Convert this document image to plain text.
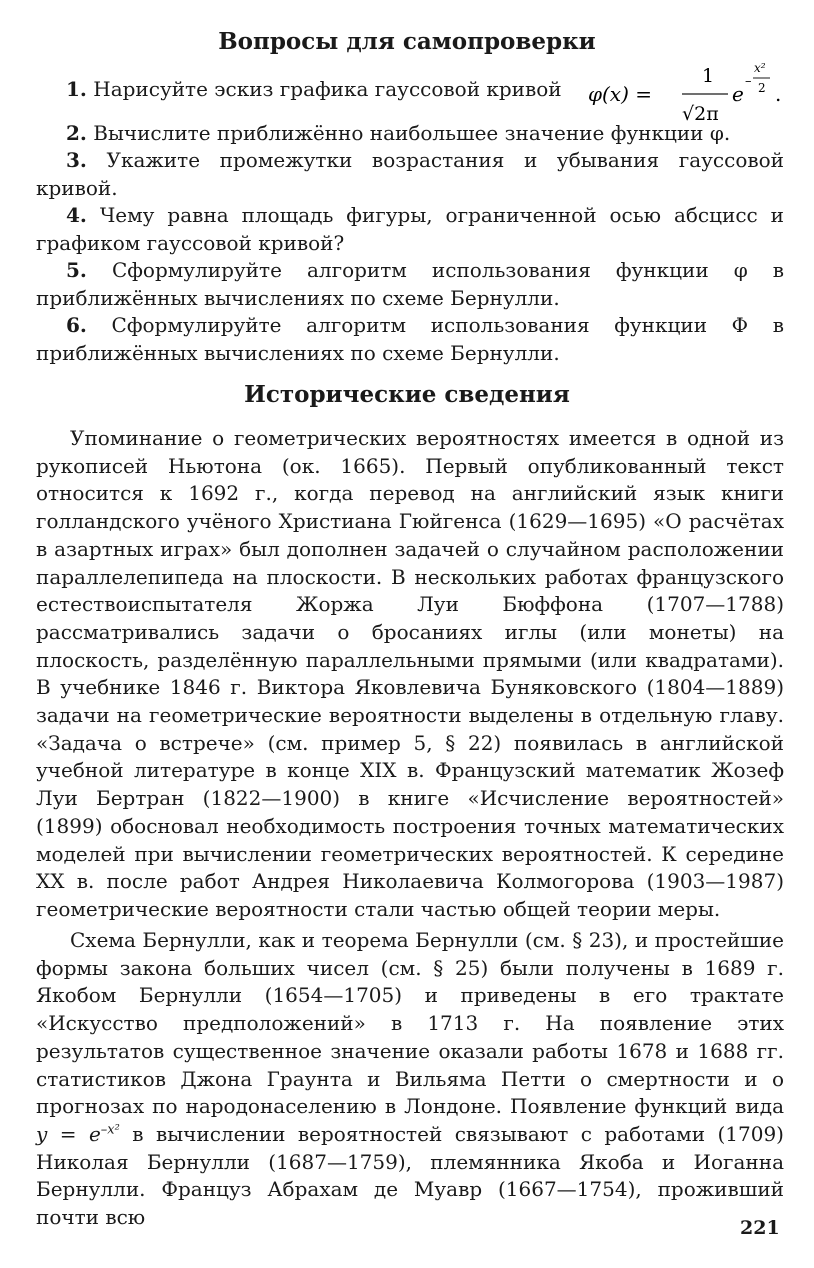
Вопросы для самопроверки
1. Нарисуйте эскиз графика гауссовой кривой φ(x) =
1
√2π
e
–
x²
2 .
2. Вычислите приближённо наибольшее значение функции φ.
3. Укажите промежутки возрастания и убывания гауссовой кривой.
4. Чему равна площадь фигуры, ограниченной осью абсцисс и графиком гауссовой кривой?
5. Сформулируйте алгоритм использования функции φ в приближённых вычислениях по схеме Бернулли.
6. Сформулируйте алгоритм использования функции Φ в приближённых вычислениях по схеме Бернулли.
Исторические сведения
Упоминание о геометрических вероятностях имеется в одной из рукописей Ньютона (ок. 1665). Первый опубликованный текст относится к 1692 г., когда перевод на английский язык книги голландского учёного Христиана Гюйгенса (1629—1695) «О расчётах в азартных играх» был дополнен задачей о случайном расположении параллелепипеда на плоскости. В нескольких работах французского естествоиспытателя Жоржа Луи Бюффона (1707—1788) рассматривались задачи о бросаниях иглы (или монеты) на плоскость, разделённую параллельными прямыми (или квадратами). В учебнике 1846 г. Виктора Яковлевича Буняковского (1804—1889) задачи на геометрические вероятности выделены в отдельную главу. «Задача о встрече» (см. пример 5, § 22) появилась в английской учебной литературе в конце XIX в. Французский математик Жозеф Луи Бертран (1822—1900) в книге «Исчисление вероятностей» (1899) обосновал необходимость построения точных математических моделей при вычислении геометрических вероятностей. К середине XX в. после работ Андрея Николаевича Колмогорова (1903—1987) геометрические вероятности стали частью общей теории меры.
Схема Бернулли, как и теорема Бернулли (см. § 23), и простейшие формы закона больших чисел (см. § 25) были получены в 1689 г. Якобом Бернулли (1654—1705) и приведены в его трактате «Искусство предположений» в 1713 г. На появление этих результатов существенное значение оказали работы 1678 и 1688 гг. статистиков Джона Граунта и Вильяма Петти о смертности и о прогнозах по народонаселению в Лондоне. Появление функций вида $y = e^{-x^2}$ в вычислении вероятностей связывают с работами (1709) Николая Бернулли (1687—1759), племянника Якоба и Иоганна Бернулли. Француз Абрахам де Муавр (1667—1754), проживший почти всю	221
